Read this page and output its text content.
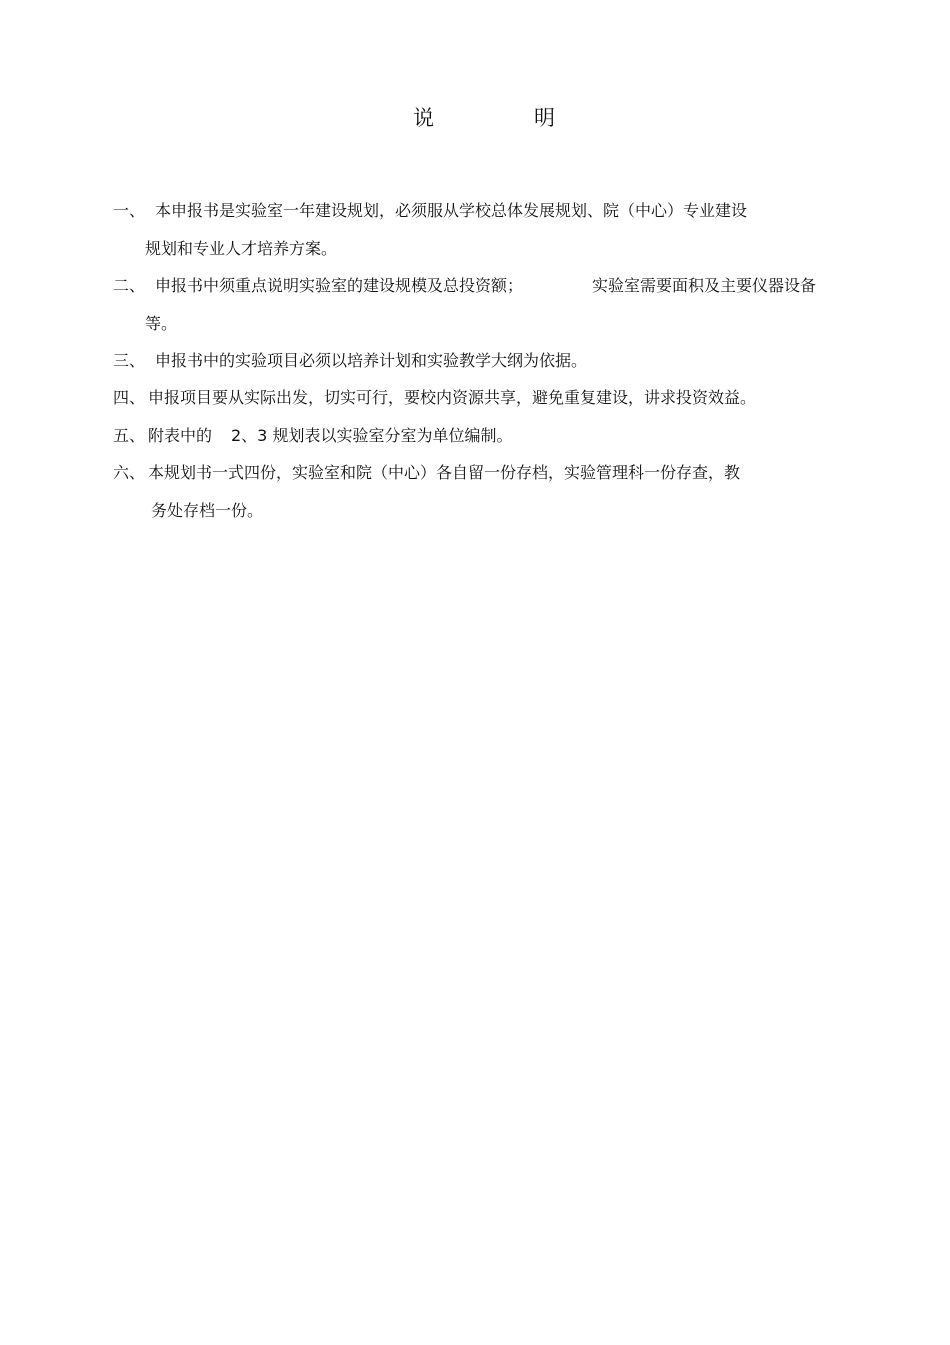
说	明
一、 本申报书是实验室一年建设规划，必须服从学校总体发展规划、院（中心）专业建设
规划和专业人才培养方案。
二、 申报书中须重点说明实验室的建设规模及总投资额；	实验室需要面积及主要仪器设备
等。
三、 申报书中的实验项目必须以培养计划和实验教学大纲为依据。
四、 申报项目要从实际出发，切实可行，要校内资源共享，避免重复建设，讲求投资效益。
五、 附表中的 2、3 规划表以实验室分室为单位编制。
六、 本规划书一式四份，实验室和院（中心）各自留一份存档，实验管理科一份存查，教
务处存档一份。
